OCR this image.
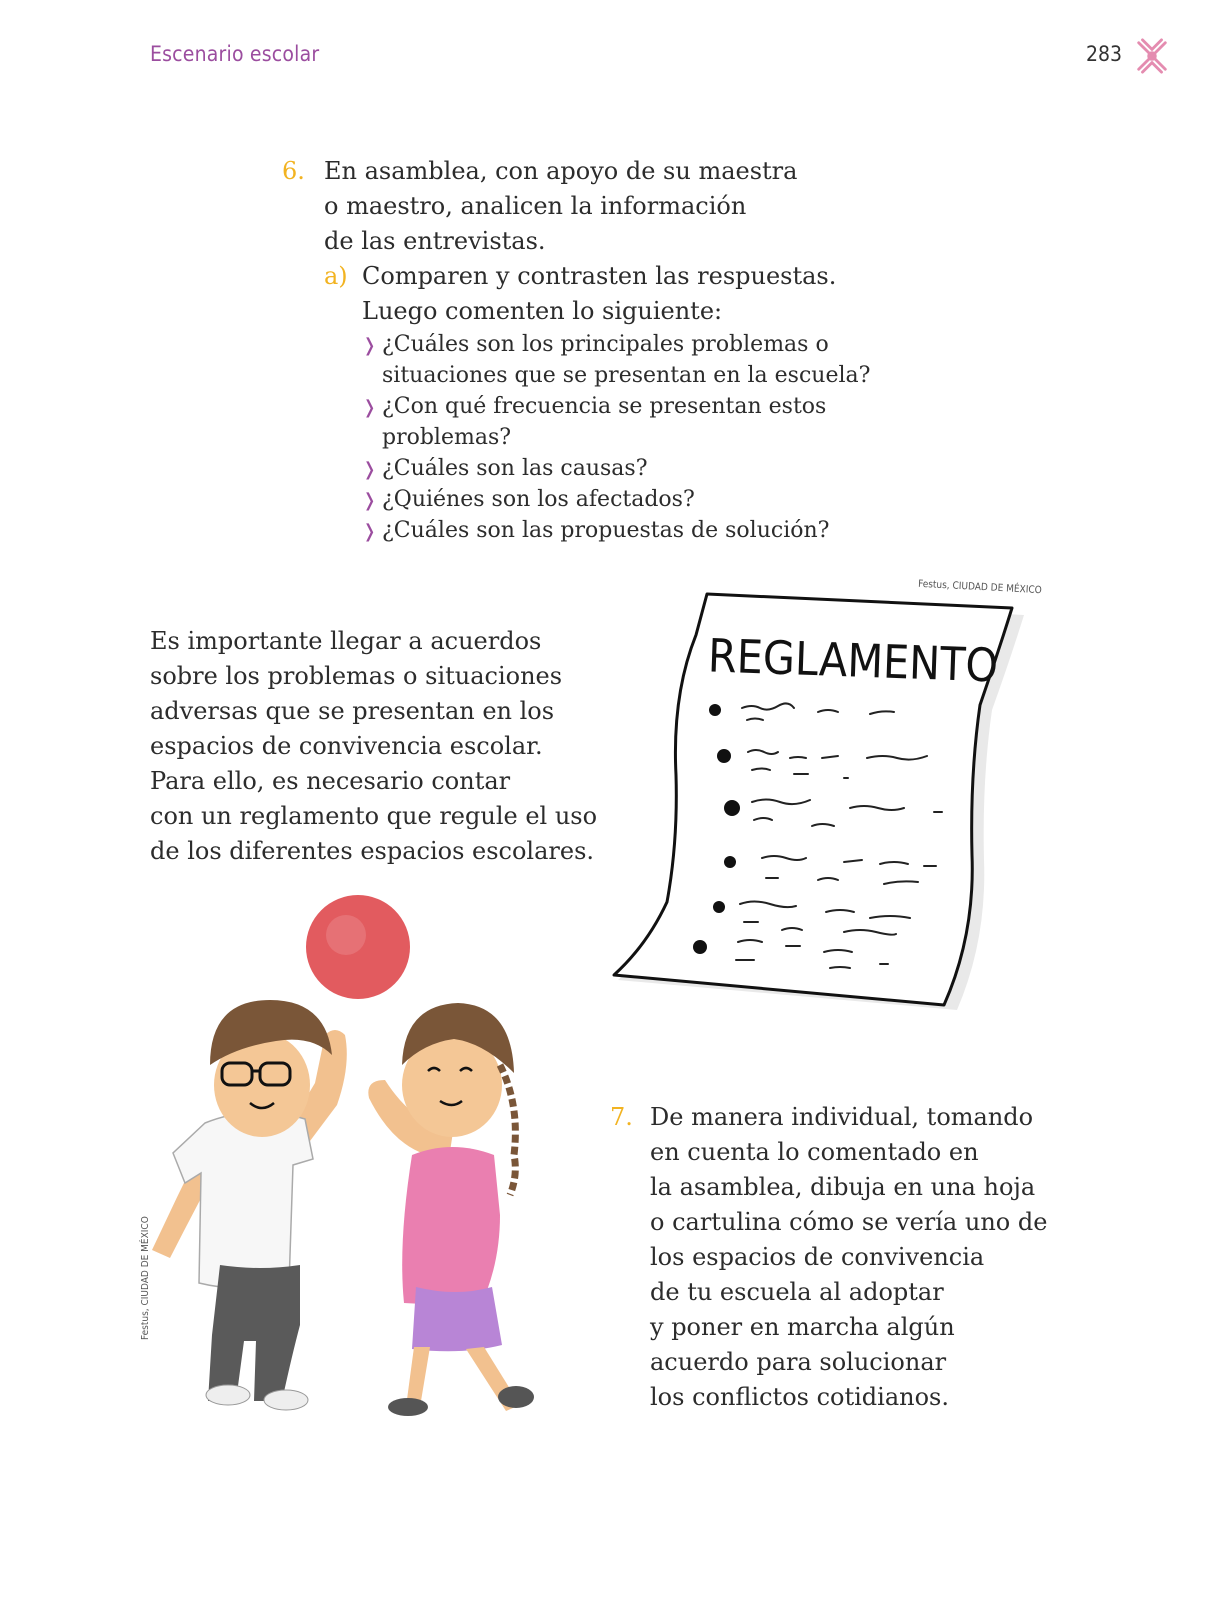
Escenario escolar	283
6. En asamblea, con apoyo de su maestra
o maestro, analicen la información
de las entrevistas.
a) Comparen y contrasten las respuestas.
Luego comenten lo siguiente:
❭ ¿Cuáles son los principales problemas o
situaciones que se presentan en la escuela?
❭ ¿Con qué frecuencia se presentan estos
problemas?
❭ ¿Cuáles son las causas?
❭ ¿Quiénes son los afectados?
❭ ¿Cuáles son las propuestas de solución?
Es importante llegar a acuerdos
sobre los problemas o situaciones
adversas que se presentan en los
espacios de convivencia escolar.
Para ello, es necesario contar
con un reglamento que regule el uso
de los diferentes espacios escolares.
Festus, CIUDAD DE MÉXICO
REGLAMENTO
Festus, CIUDAD DE MÉXICO
7. De manera individual, tomando
en cuenta lo comentado en
la asamblea, dibuja en una hoja
o cartulina cómo se vería uno de
los espacios de convivencia
de tu escuela al adoptar
y poner en marcha algún
acuerdo para solucionar
los conflictos cotidianos.
